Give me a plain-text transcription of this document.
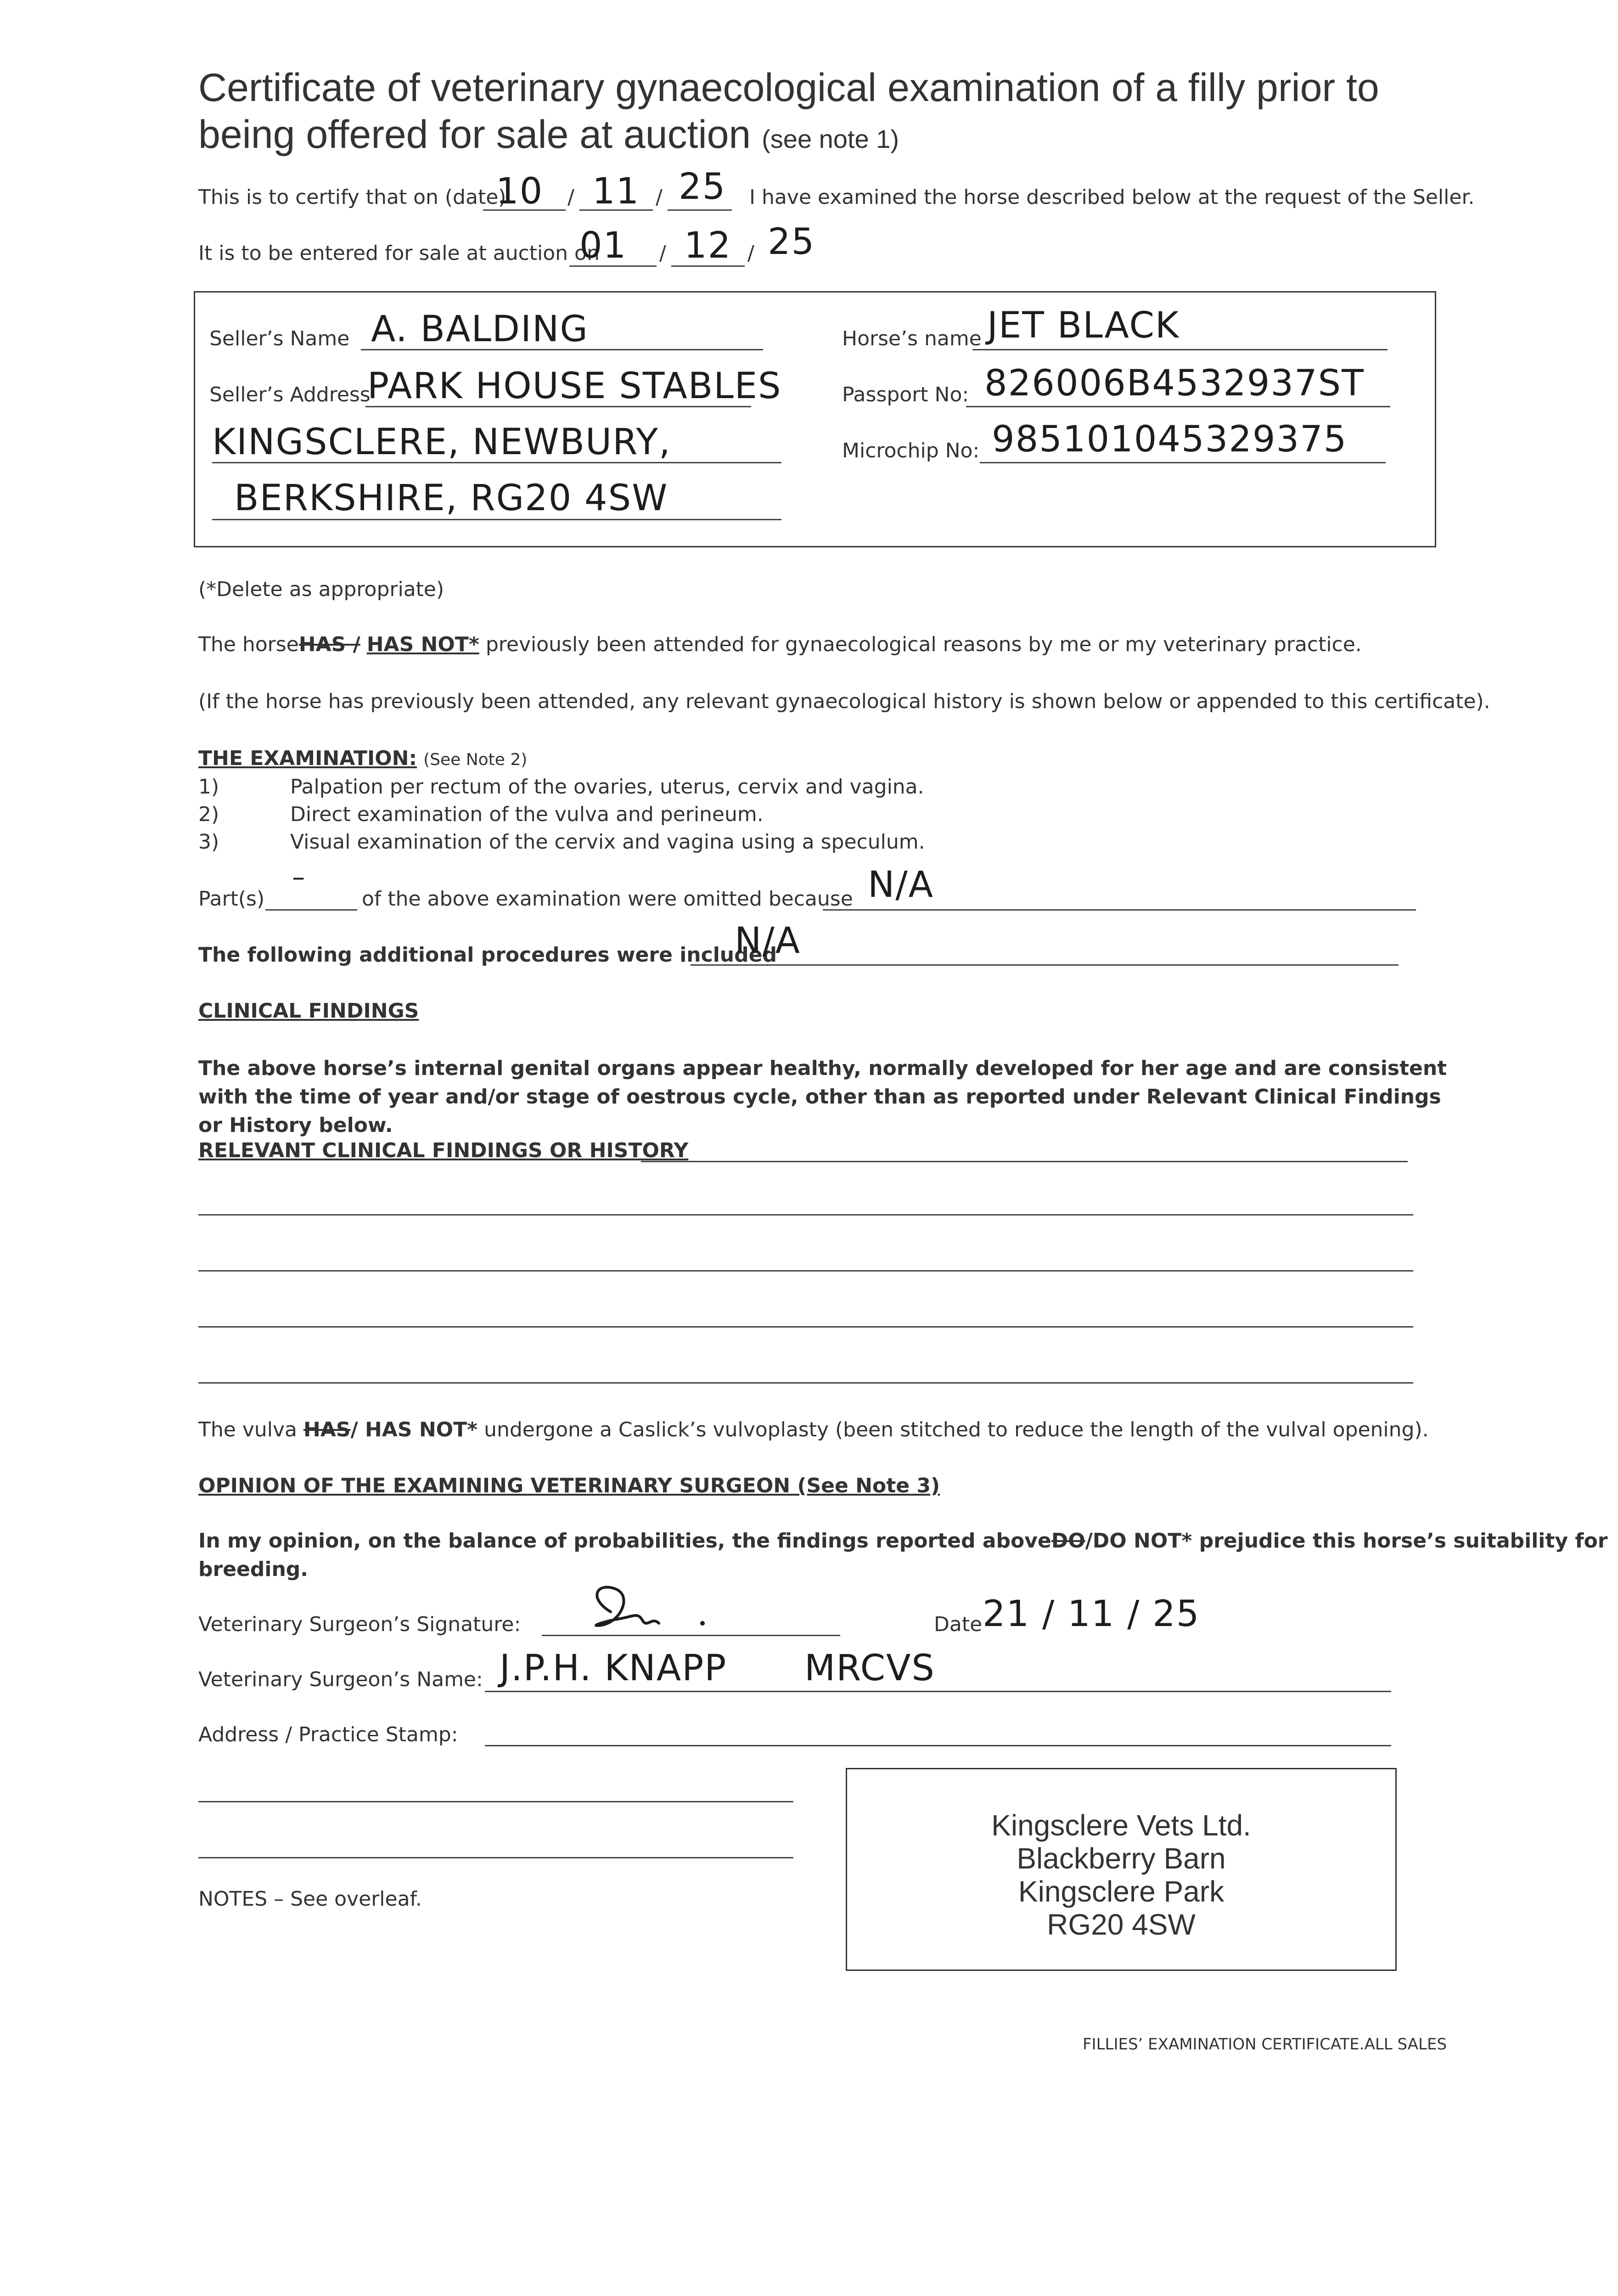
Certificate of veterinary gynaecological examination of a filly prior to being offered for sale at auction (see note 1)
This is to certify that on (date)
10 / 11 / 25 I have examined the horse described below at the request of the Seller.
It is to be entered for sale at auction on
01 / 12 / 25
Seller’s Name A. BALDING
Seller’s Address
PARK HOUSE STABLES
KINGSCLERE, NEWBURY,
BERKSHIRE, RG20 4SW
Horse’s name JET BLACK
Passport No: 826006B4532937ST
Microchip No: 985101045329375
(*Delete as appropriate)
The horseHAS / HAS NOT* previously been attended for gynaecological reasons by me or my veterinary practice.
(If the horse has previously been attended, any relevant gynaecological history is shown below or appended to this certificate).
THE EXAMINATION: (See Note 2)
1)	Palpation per rectum of the ovaries, uterus, cervix and vagina.
2)	Direct examination of the vulva and perineum.
3)	Visual examination of the cervix and vagina using a speculum.
Part(s)
–
of the above examination were omitted because N/A
The following additional procedures were included
N/A
CLINICAL FINDINGS
The above horse’s internal genital organs appear healthy, normally developed for her age and are consistent with the time of year and/or stage of oestrous cycle, other than as reported under Relevant Clinical Findings or History below.
RELEVANT CLINICAL FINDINGS OR HISTORY
The vulva HAS/ HAS NOT* undergone a Caslick’s vulvoplasty (been stitched to reduce the length of the vulval opening).
OPINION OF THE EXAMINING VETERINARY SURGEON (See Note 3)
In my opinion, on the balance of probabilities, the findings reported aboveDO/DO NOT* prejudice this horse’s suitability for
breeding.
Veterinary Surgeon’s Signature:	Date 21 / 11 / 25
Veterinary Surgeon’s Name: J.P.H. KNAPP MRCVS
Address / Practice Stamp:
Kingsclere Vets Ltd.
Blackberry Barn
Kingsclere Park
RG20 4SW
NOTES – See overleaf.
FILLIES’ EXAMINATION CERTIFICATE.ALL SALES
